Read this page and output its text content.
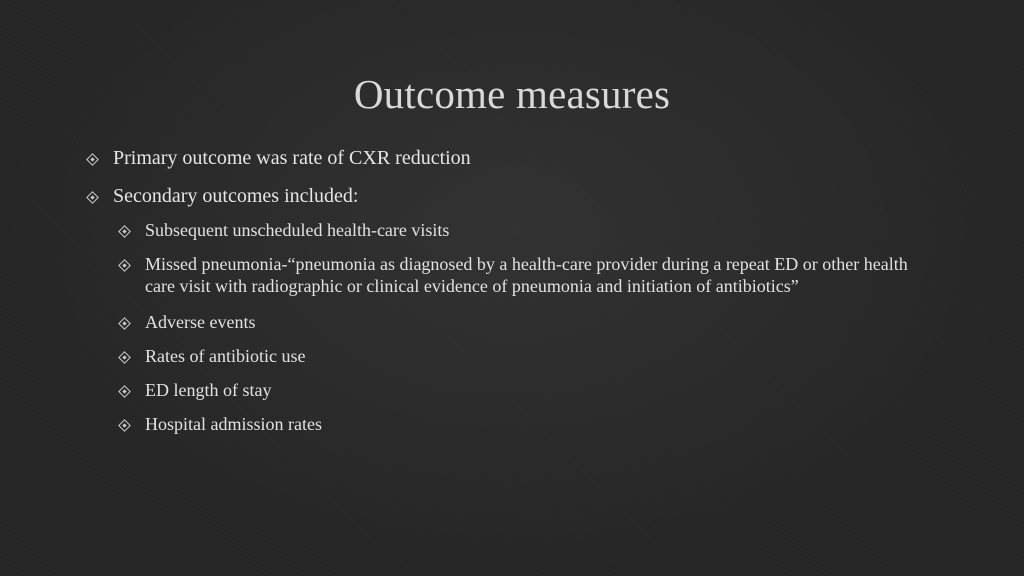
Outcome measures
Primary outcome was rate of CXR reduction
Secondary outcomes included:
Subsequent unscheduled health-care visits
Missed pneumonia-“pneumonia as diagnosed by a health-care provider during a repeat ED or other health care visit with radiographic or clinical evidence of pneumonia and initiation of antibiotics”
Adverse events
Rates of antibiotic use
ED length of stay
Hospital admission rates
